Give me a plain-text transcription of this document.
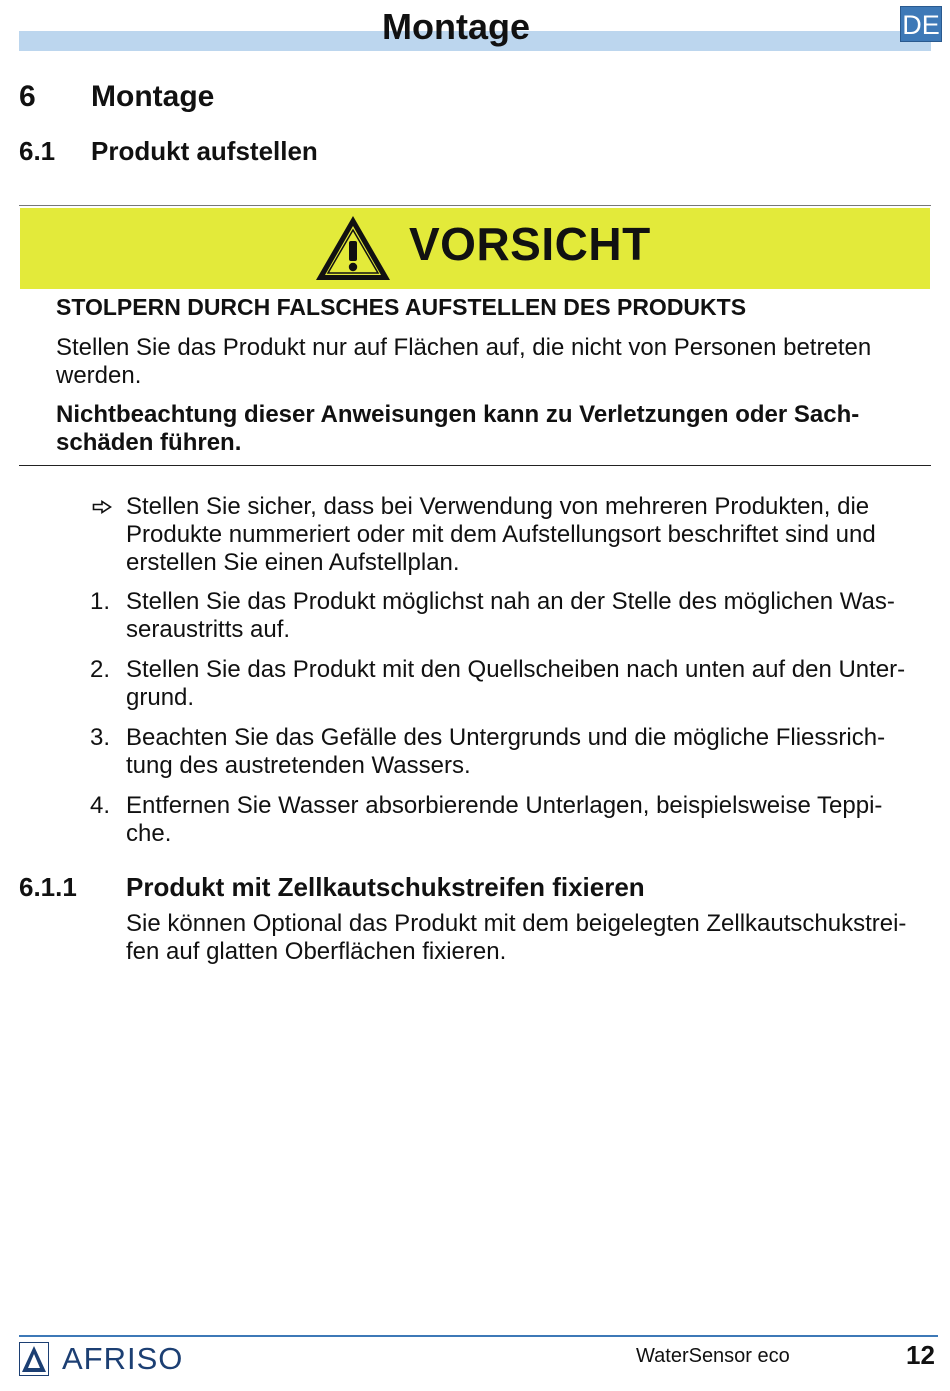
Montage	DE
6 Montage
6.1 Produkt aufstellen
VORSICHT
STOLPERN DURCH FALSCHES AUFSTELLEN DES PRODUKTS
Stellen Sie das Produkt nur auf Flächen auf, die nicht von Personen betreten
werden.
Nichtbeachtung dieser Anweisungen kann zu Verletzungen oder Sach-
schäden führen.
Stellen Sie sicher, dass bei Verwendung von mehreren Produkten, die
Produkte nummeriert oder mit dem Aufstellungsort beschriftet sind und
erstellen Sie einen Aufstellplan.
1. Stellen Sie das Produkt möglichst nah an der Stelle des möglichen Was-
seraustritts auf.
2. Stellen Sie das Produkt mit den Quellscheiben nach unten auf den Unter-
grund.
3. Beachten Sie das Gefälle des Untergrunds und die mögliche Fliessrich-
tung des austretenden Wassers.
4. Entfernen Sie Wasser absorbierende Unterlagen, beispielsweise Teppi-
che.
6.1.1 Produkt mit Zellkautschukstreifen fixieren
Sie können Optional das Produkt mit dem beigelegten Zellkautschukstrei-
fen auf glatten Oberflächen fixieren.
AFRISO	WaterSensor eco	12
